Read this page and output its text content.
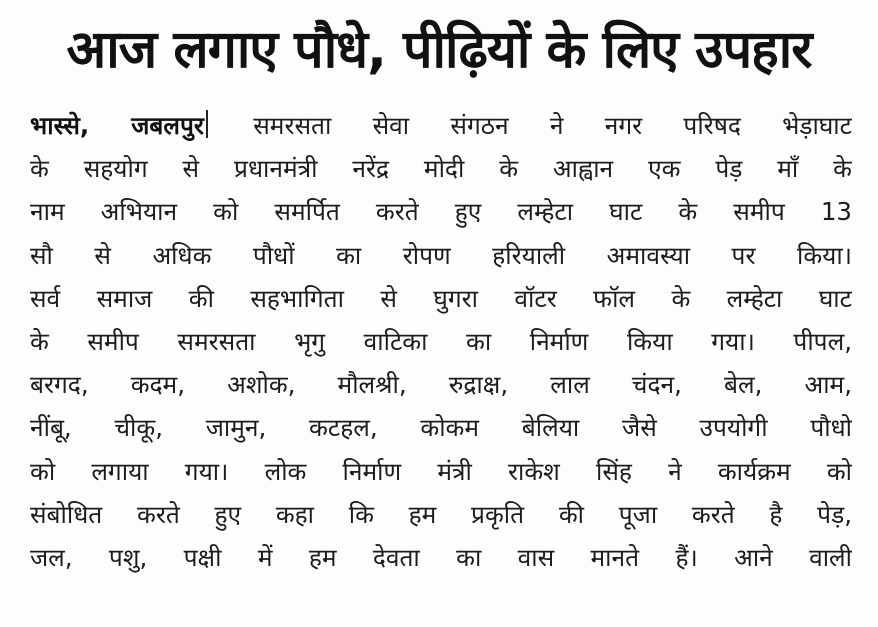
आज लगाए पौधे, पीढ़ियों के लिए उपहार
भास्से, जबलपुर समरसता सेवा संगठन ने नगर परिषद भेड़ाघाट
के सहयोग से प्रधानमंत्री नरेंद्र मोदी के आह्वान एक पेड़ माँ के
नाम अभियान को समर्पित करते हुए लम्हेटा घाट के समीप 13
सौ से अधिक पौधों का रोपण हरियाली अमावस्या पर किया।
सर्व समाज की सहभागिता से घुगरा वॉटर फॉल के लम्हेटा घाट
के समीप समरसता भृगु वाटिका का निर्माण किया गया। पीपल,
बरगद, कदम, अशोक, मौलश्री, रुद्राक्ष, लाल चंदन, बेल, आम,
नींबू, चीकू, जामुन, कटहल, कोकम बेलिया जैसे उपयोगी पौधो
को लगाया गया। लोक निर्माण मंत्री राकेश सिंह ने कार्यक्रम को
संबोधित करते हुए कहा कि हम प्रकृति की पूजा करते है पेड़,
जल, पशु, पक्षी में हम देवता का वास मानते हैं। आने वाली
